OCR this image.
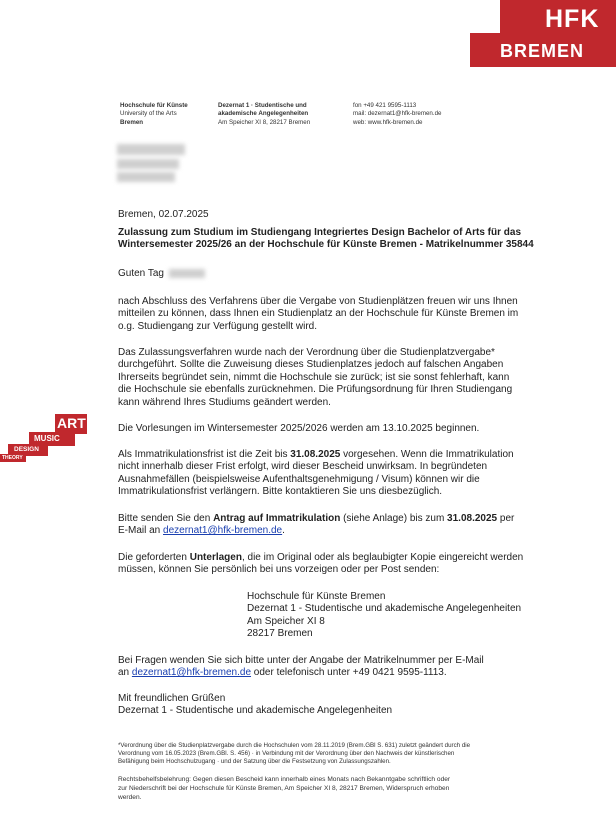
HFK
BREMEN
Hochschule für Künste
University of the Arts
Bremen
Dezernat 1 · Studentische und
akademische Angelegenheiten
Am Speicher XI 8, 28217 Bremen
fon +49 421 9595-1113
mail: dezernat1@hfk-bremen.de
web: www.hfk-bremen.de
ART
MUSIC
DESIGN
THEORY
Bremen, 02.07.2025
Zulassung zum Studium im Studiengang Integriertes Design Bachelor of Arts für das
Wintersemester 2025/26 an der Hochschule für Künste Bremen - Matrikelnummer 35844
Guten Tag
nach Abschluss des Verfahrens über die Vergabe von Studienplätzen freuen wir uns Ihnen
mitteilen zu können, dass Ihnen ein Studienplatz an der Hochschule für Künste Bremen im
o.g. Studiengang zur Verfügung gestellt wird.
Das Zulassungsverfahren wurde nach der Verordnung über die Studienplatzvergabe*
durchgeführt. Sollte die Zuweisung dieses Studienplatzes jedoch auf falschen Angaben
Ihrerseits begründet sein, nimmt die Hochschule sie zurück; ist sie sonst fehlerhaft, kann
die Hochschule sie ebenfalls zurücknehmen. Die Prüfungsordnung für Ihren Studiengang
kann während Ihres Studiums geändert werden.
Die Vorlesungen im Wintersemester 2025/2026 werden am 13.10.2025 beginnen.
Als Immatrikulationsfrist ist die Zeit bis 31.08.2025 vorgesehen. Wenn die Immatrikulation
nicht innerhalb dieser Frist erfolgt, wird dieser Bescheid unwirksam. In begründeten
Ausnahmefällen (beispielsweise Aufenthaltsgenehmigung / Visum) können wir die
Immatrikulationsfrist verlängern. Bitte kontaktieren Sie uns diesbezüglich.
Bitte senden Sie den Antrag auf Immatrikulation (siehe Anlage) bis zum 31.08.2025 per
E-Mail an dezernat1@hfk-bremen.de.
Die geforderten Unterlagen, die im Original oder als beglaubigter Kopie eingereicht werden
müssen, können Sie persönlich bei uns vorzeigen oder per Post senden:
Hochschule für Künste Bremen
Dezernat 1 - Studentische und akademische Angelegenheiten
Am Speicher XI 8
28217 Bremen
Bei Fragen wenden Sie sich bitte unter der Angabe der Matrikelnummer per E-Mail
an dezernat1@hfk-bremen.de oder telefonisch unter +49 0421 9595-1113.
Mit freundlichen Grüßen
Dezernat 1 - Studentische und akademische Angelegenheiten
*Verordnung über die Studienplatzvergabe durch die Hochschulen vom 28.11.2019 (Brem.GBl S. 631) zuletzt geändert durch die
Verordnung vom 16.05.2023 (Brem.GBl. S. 456) · in Verbindung mit der Verordnung über den Nachweis der künstlerischen
Befähigung beim Hochschulzugang · und der Satzung über die Festsetzung von Zulassungszahlen.
Rechtsbehelfsbelehrung: Gegen diesen Bescheid kann innerhalb eines Monats nach Bekanntgabe schriftlich oder
zur Niederschrift bei der Hochschule für Künste Bremen, Am Speicher XI 8, 28217 Bremen, Widerspruch erhoben
werden.
